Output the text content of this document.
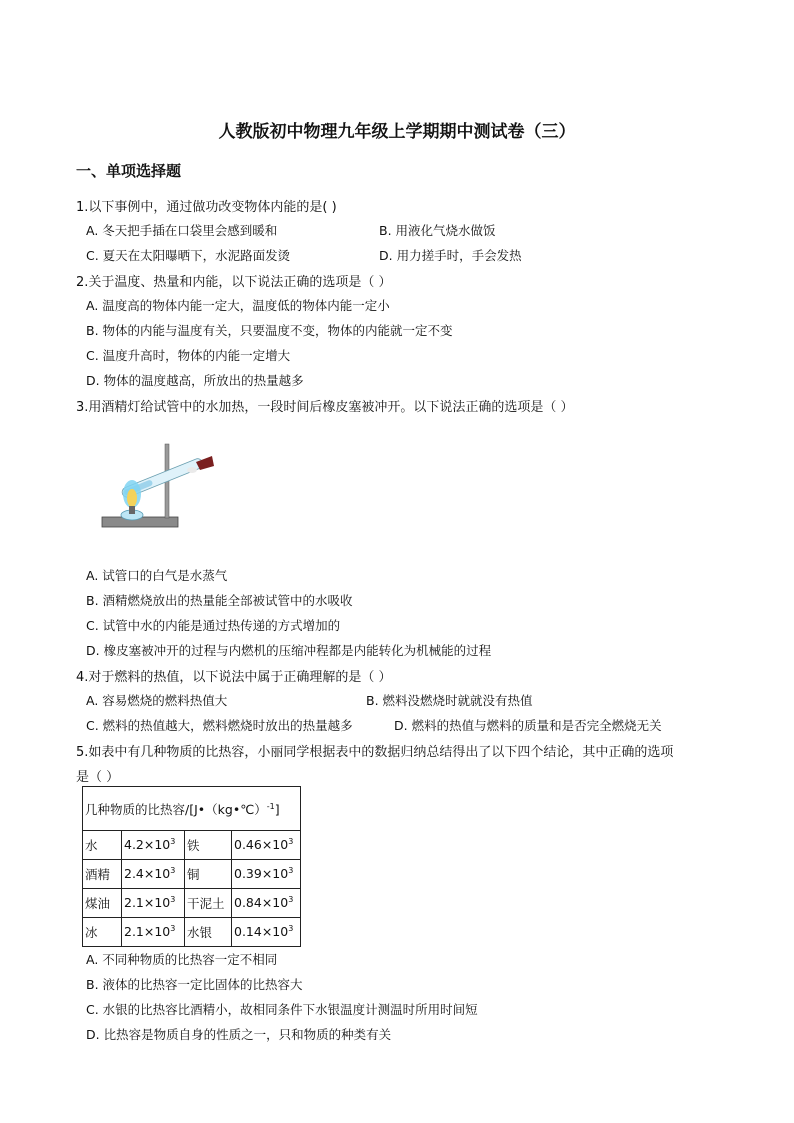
人教版初中物理九年级上学期期中测试卷（三）
一、单项选择题
1.以下事例中，通过做功改变物体内能的是( )
A. 冬天把手插在口袋里会感到暖和	B. 用液化气烧水做饭
C. 夏天在太阳曝晒下，水泥路面发烫	D. 用力搓手时，手会发热
2.关于温度、热量和内能，以下说法正确的选项是（ ）
A. 温度高的物体内能一定大，温度低的物体内能一定小
B. 物体的内能与温度有关，只要温度不变，物体的内能就一定不变
C. 温度升高时，物体的内能一定增大
D. 物体的温度越高，所放出的热量越多
3.用酒精灯给试管中的水加热，一段时间后橡皮塞被冲开。以下说法正确的选项是（ ）
A. 试管口的白气是水蒸气
B. 酒精燃烧放出的热量能全部被试管中的水吸收
C. 试管中水的内能是通过热传递的方式增加的
D. 橡皮塞被冲开的过程与内燃机的压缩冲程都是内能转化为机械能的过程
4.对于燃料的热值，以下说法中属于正确理解的是（ ）
A. 容易燃烧的燃料热值大	B. 燃料没燃烧时就就没有热值
C. 燃料的热值越大，燃料燃烧时放出的热量越多	D. 燃料的热值与燃料的质量和是否完全燃烧无关
5.如表中有几种物质的比热容，小丽同学根据表中的数据归纳总结得出了以下四个结论，其中正确的选项
是（ ）
几种物质的比热容/[J•（kg•℃）$^{-1}$]			
水	$4.2\times 10^3$	铁	$0.46\times 10^3$
酒精	$2.4\times 10^3$	铜	$0.39\times 10^3$
煤油	$2.1\times 10^3$	干泥土	$0.84\times 10^3$
冰	$2.1\times 10^3$	水银	$0.14\times 10^3$
A. 不同种物质的比热容一定不相同
B. 液体的比热容一定比固体的比热容大
C. 水银的比热容比酒精小，故相同条件下水银温度计测温时所用时间短
D. 比热容是物质自身的性质之一，只和物质的种类有关
